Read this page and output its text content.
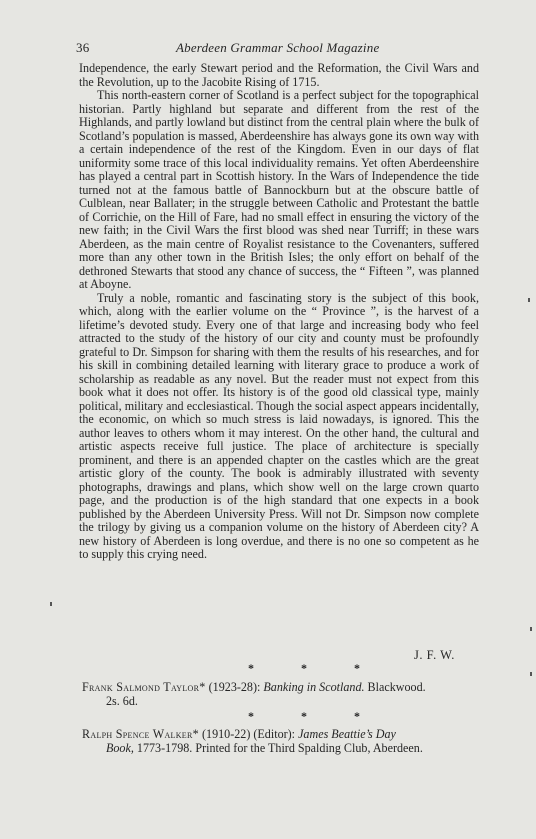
36	Aberdeen Grammar School Magazine

Independence, the early Stewart period and the Reformation, the Civil Wars and the Revolution, up to the Jacobite Rising of 1715.

This north-eastern corner of Scotland is a perfect subject for the topographical historian. Partly highland but separate and different from the rest of the Highlands, and partly lowland but distinct from the central plain where the bulk of Scotland’s population is massed, Aberdeenshire has always gone its own way with a certain independence of the rest of the Kingdom. Even in our days of flat uniformity some trace of this local individuality remains. Yet often Aberdeenshire has played a central part in Scottish history. In the Wars of Independence the tide turned not at the famous battle of Bannockburn but at the obscure battle of Culblean, near Ballater; in the struggle between Catholic and Protestant the battle of Corrichie, on the Hill of Fare, had no small effect in ensuring the victory of the new faith; in the Civil Wars the first blood was shed near Turriff; in these wars Aberdeen, as the main centre of Royalist resistance to the Covenanters, suffered more than any other town in the British Isles; the only effort on behalf of the dethroned Stewarts that stood any chance of success, the “ Fifteen ”, was planned at Aboyne.

Truly a noble, romantic and fascinating story is the subject of this book, which, along with the earlier volume on the “ Province ”, is the harvest of a lifetime’s devoted study. Every one of that large and increasing body who feel attracted to the study of the history of our city and county must be profoundly grateful to Dr. Simpson for sharing with them the results of his researches, and for his skill in combining detailed learning with literary grace to produce a work of scholarship as readable as any novel. But the reader must not expect from this book what it does not offer. Its history is of the good old classical type, mainly political, military and ecclesiastical. Though the social aspect appears incidentally, the economic, on which so much stress is laid nowadays, is ignored. This the author leaves to others whom it may interest. On the other hand, the cultural and artistic aspects receive full justice. The place of architecture is specially prominent, and there is an appended chapter on the castles which are the great artistic glory of the county. The book is admirably illustrated with seventy photographs, drawings and plans, which show well on the large crown quarto page, and the production is of the high standard that one expects in a book published by the Aberdeen University Press. Will not Dr. Simpson now complete the trilogy by giving us a companion volume on the history of Aberdeen city? A new history of Aberdeen is long overdue, and there is no one so competent as he to supply this crying need.

J. F. W.
* * *
Frank Salmond Taylor* (1923-28): Banking in Scotland. Blackwood.
2s. 6d.
* * *
Ralph Spence Walker* (1910-22) (Editor): James Beattie’s Day
Book, 1773-1798. Printed for the Third Spalding Club, Aberdeen.
